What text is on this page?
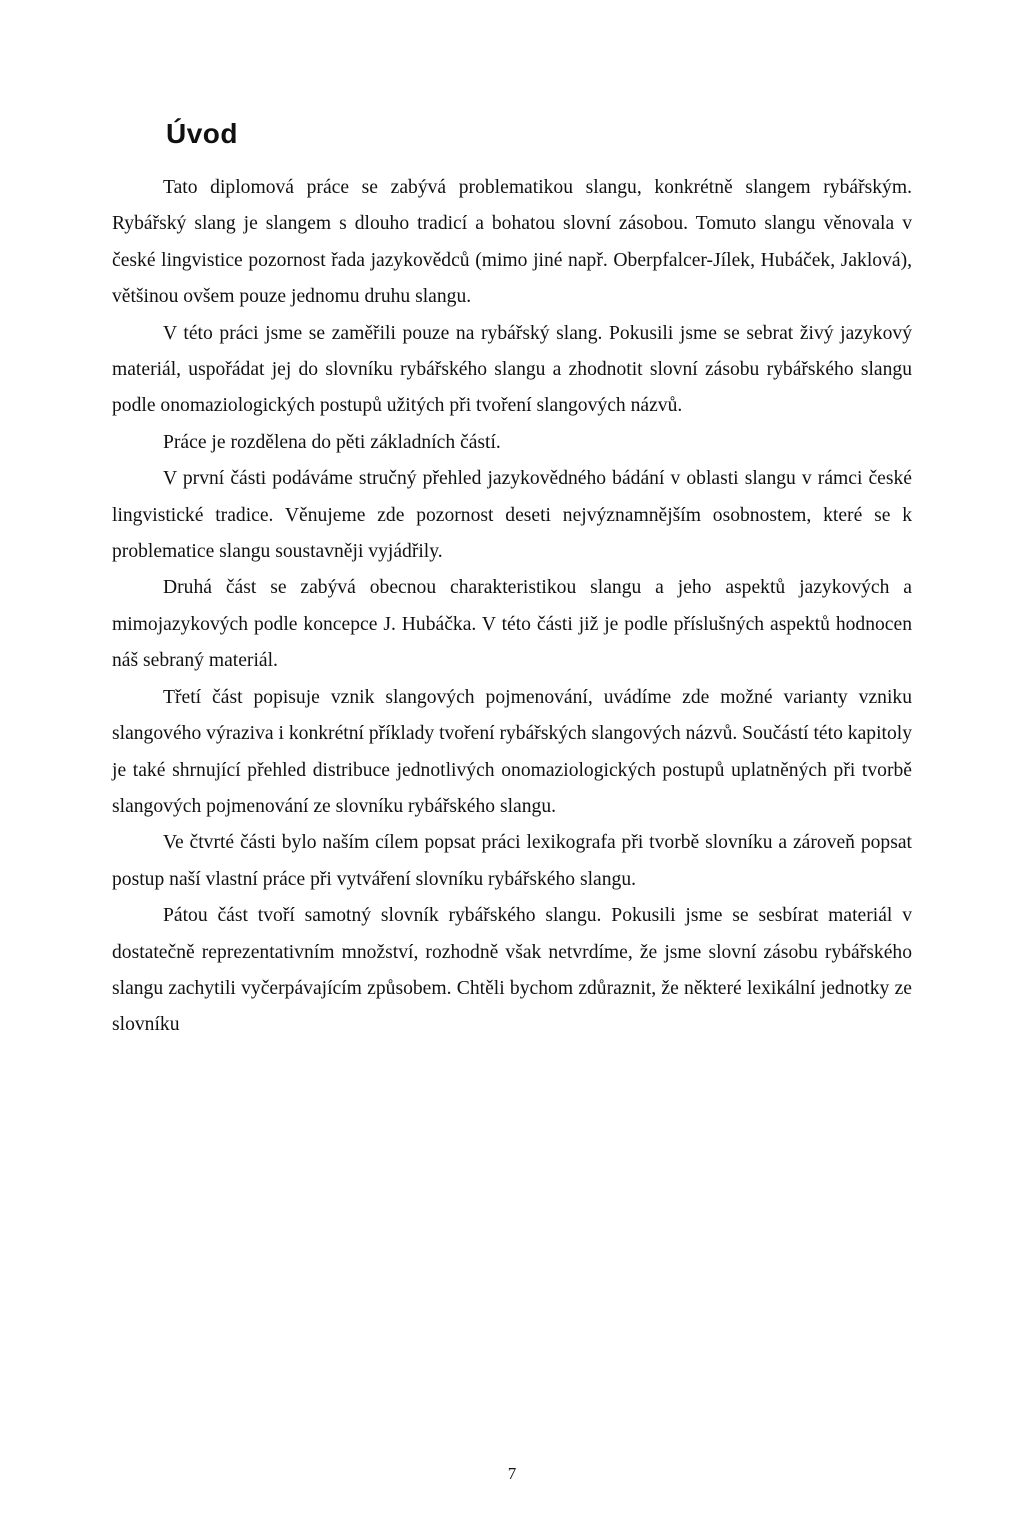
Úvod

Tato diplomová práce se zabývá problematikou slangu, konkrétně slangem rybářským. Rybářský slang je slangem s dlouho tradicí a bohatou slovní zásobou. Tomuto slangu věnovala v české lingvistice pozornost řada jazykovědců (mimo jiné např. Oberpfalcer-Jílek, Hubáček, Jaklová), většinou ovšem pouze jednomu druhu slangu.

V této práci jsme se zaměřili pouze na rybářský slang. Pokusili jsme se sebrat živý jazykový materiál, uspořádat jej do slovníku rybářského slangu a zhodnotit slovní zásobu rybářského slangu podle onomaziologických postupů užitých při tvoření slangových názvů.

Práce je rozdělena do pěti základních částí.

V první části podáváme stručný přehled jazykovědného bádání v oblasti slangu v rámci české lingvistické tradice. Věnujeme zde pozornost deseti nejvýznamnějším osobnostem, které se k problematice slangu soustavněji vyjádřily.

Druhá část se zabývá obecnou charakteristikou slangu a jeho aspektů jazykových a mimojazykových podle koncepce J. Hubáčka. V této části již je podle příslušných aspektů hodnocen náš sebraný materiál.

Třetí část popisuje vznik slangových pojmenování, uvádíme zde možné varianty vzniku slangového výraziva i konkrétní příklady tvoření rybářských slangových názvů. Součástí této kapitoly je také shrnující přehled distribuce jednotlivých onomaziologických postupů uplatněných při tvorbě slangových pojmenování ze slovníku rybářského slangu.

Ve čtvrté části bylo naším cílem popsat práci lexikografa při tvorbě slovníku a zároveň popsat postup naší vlastní práce při vytváření slovníku rybářského slangu.

Pátou část tvoří samotný slovník rybářského slangu. Pokusili jsme se sesbírat materiál v dostatečně reprezentativním množství, rozhodně však netvrdíme, že jsme slovní zásobu rybářského slangu zachytili vyčerpávajícím způsobem. Chtěli bychom zdůraznit, že některé lexikální jednotky ze slovníku

7
